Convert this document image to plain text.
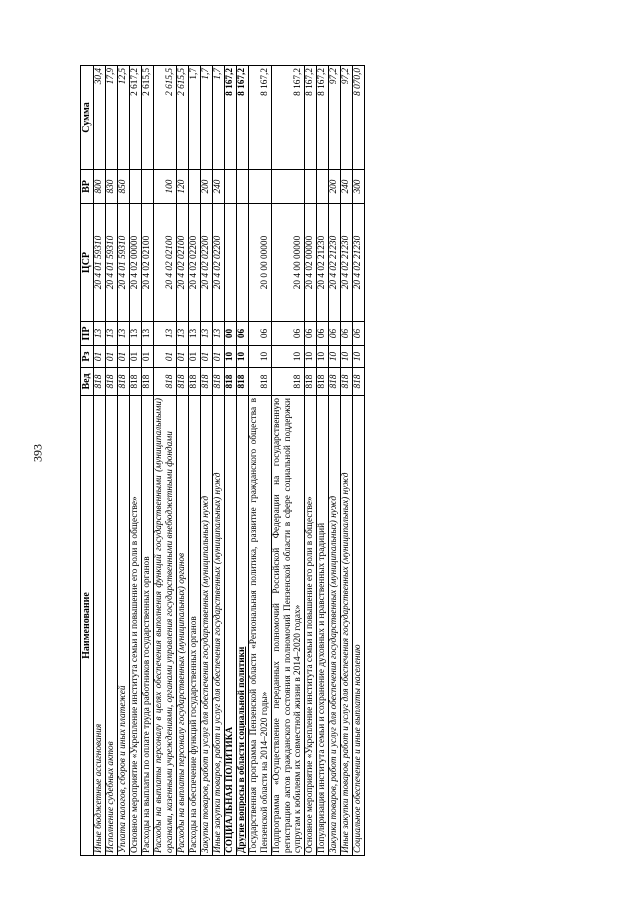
393
Наименование	Вед	Рз	ПР	ЦСР	ВР	Сумма
Иные бюджетные ассигнования	818	01	13	20 4 01 59310	800	30,4
Исполнение судебных актов	818	01	13	20 4 01 59310	830	17,9
Уплата налогов, сборов и иных платежей	818	01	13	20 4 01 59310	850	12,5
Основное мероприятие «Укрепление института семьи и повышение его роли в обществе»	818	01	13	20 4 02 00000		2 617,2
Расходы на выплаты по оплате труда работников государственных органов	818	01	13	20 4 02 02100		2 615,5
Расходы на выплаты персоналу в целях обеспечения выполнения функций государственными (муниципальными) органами, казенными учреждениями, органами управления государственными внебюджетными фондами	818	01	13	20 4 02 02100	100	2 615,5
Расходы на выплаты персоналу государственных (муниципальных) органов	818	01	13	20 4 02 02100	120	2 615,5
Расходы на обеспечение функций государственных органов	818	01	13	20 4 02 02200		1,7
Закупка товаров, работ и услуг для обеспечения государственных (муниципальных) нужд	818	01	13	20 4 02 02200	200	1,7
Иные закупки товаров, работ и услуг для обеспечения государственных (муниципальных) нужд	818	01	13	20 4 02 02200	240	1,7
СОЦИАЛЬНАЯ ПОЛИТИКА	818	10	00			8 167,2
Другие вопросы в области социальной политики	818	10	06			8 167,2
Государственная программа Пензенской области «Региональная политика, развитие гражданского общества в Пензенской области на 2014–2020 годы»	818	10	06	20 0 00 00000		8 167,2
Подпрограмма «Осуществление переданных полномочий Российской Федерации на государственную регистрацию актов гражданского состояния и полномочий Пензенской области в сфере социальной поддержки супругам к юбилеям их совместной жизни в 2014–2020 годах»	818	10	06	20 4 00 00000		8 167,2
Основное мероприятие «Укрепление института семьи и повышение его роли в обществе»	818	10	06	20 4 02 00000		8 167,2
Популяризация института семьи и сохранение духовных и нравственных традиций	818	10	06	20 4 02 21230		8 167,2
Закупка товаров, работ и услуг для обеспечения государственных (муниципальных) нужд	818	10	06	20 4 02 21230	200	97,2
Иные закупки товаров, работ и услуг для обеспечения государственных (муниципальных) нужд	818	10	06	20 4 02 21230	240	97,2
Социальное обеспечение и иные выплаты населению	818	10	06	20 4 02 21230	300	8 070,0
